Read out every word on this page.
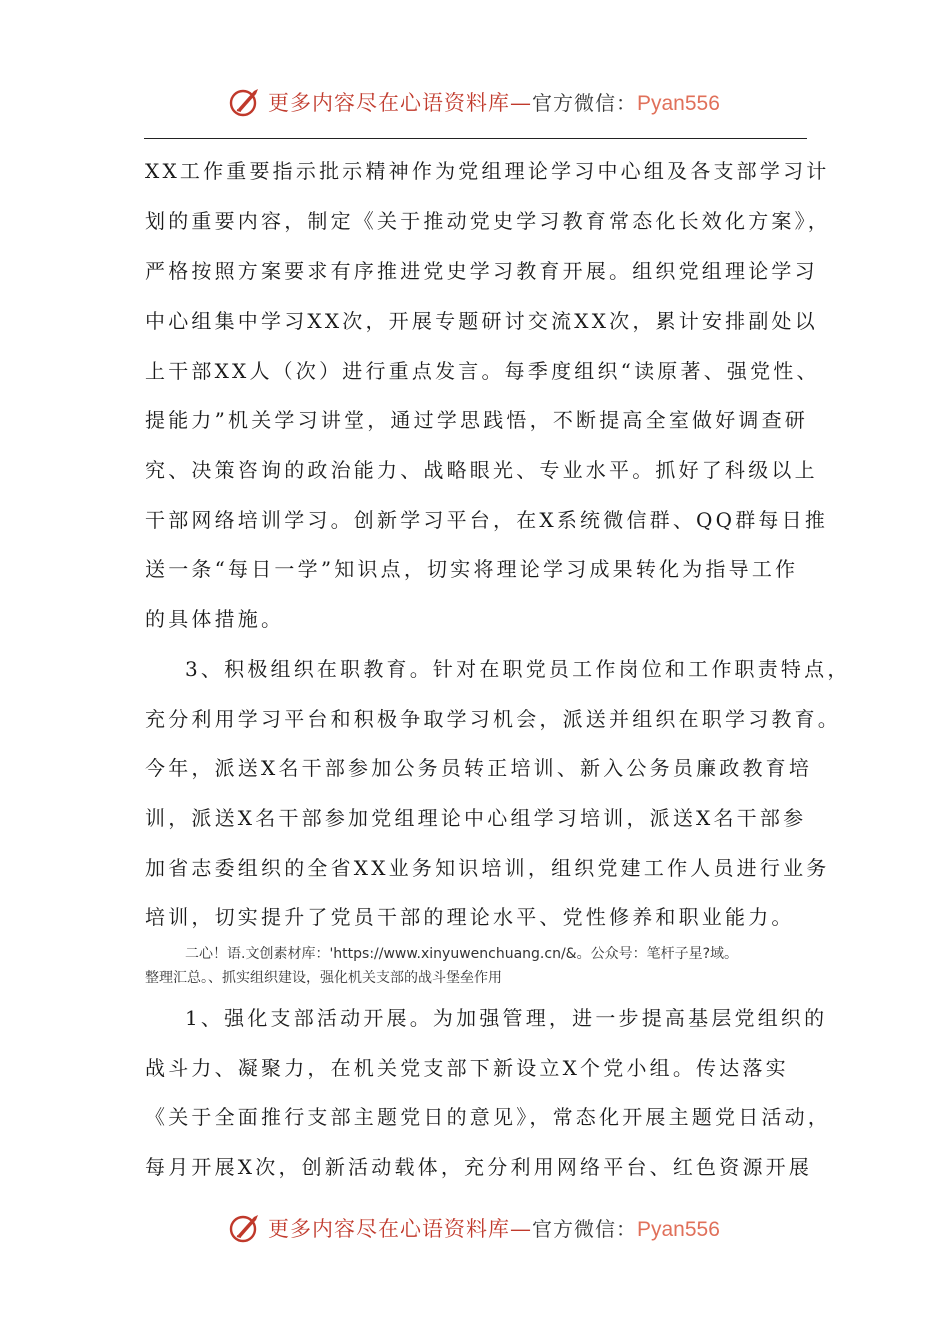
更多内容尽在心语资料库—官方微信：Pyan556
XX工作重要指示批示精神作为党组理论学习中心组及各支部学习计
划的重要内容，制定《关于推动党史学习教育常态化长效化方案》，
严格按照方案要求有序推进党史学习教育开展。组织党组理论学习
中心组集中学习XX次，开展专题研讨交流XX次，累计安排副处以
上干部XX人（次）进行重点发言。每季度组织“读原著、强党性、
提能力”机关学习讲堂，通过学思践悟，不断提高全室做好调查研
究、决策咨询的政治能力、战略眼光、专业水平。抓好了科级以上
干部网络培训学习。创新学习平台，在X系统微信群、QQ群每日推
送一条“每日一学”知识点，切实将理论学习成果转化为指导工作
的具体措施。
3、积极组织在职教育。针对在职党员工作岗位和工作职责特点，
充分利用学习平台和积极争取学习机会，派送并组织在职学习教育。
今年，派送X名干部参加公务员转正培训、新入公务员廉政教育培
训，派送X名干部参加党组理论中心组学习培训，派送X名干部参
加省志委组织的全省XX业务知识培训，组织党建工作人员进行业务
培训，切实提升了党员干部的理论水平、党性修养和职业能力。
二心！语.文创素材库：'https://www.xinyuwenchuang.cn/&。公众号：笔杆子星?域。
整理汇总。、抓实组织建设，强化机关支部的战斗堡垒作用
1、强化支部活动开展。为加强管理，进一步提高基层党组织的
战斗力、凝聚力，在机关党支部下新设立X个党小组。传达落实
《关于全面推行支部主题党日的意见》，常态化开展主题党日活动，
每月开展X次，创新活动载体，充分利用网络平台、红色资源开展
更多内容尽在心语资料库—官方微信：Pyan556
